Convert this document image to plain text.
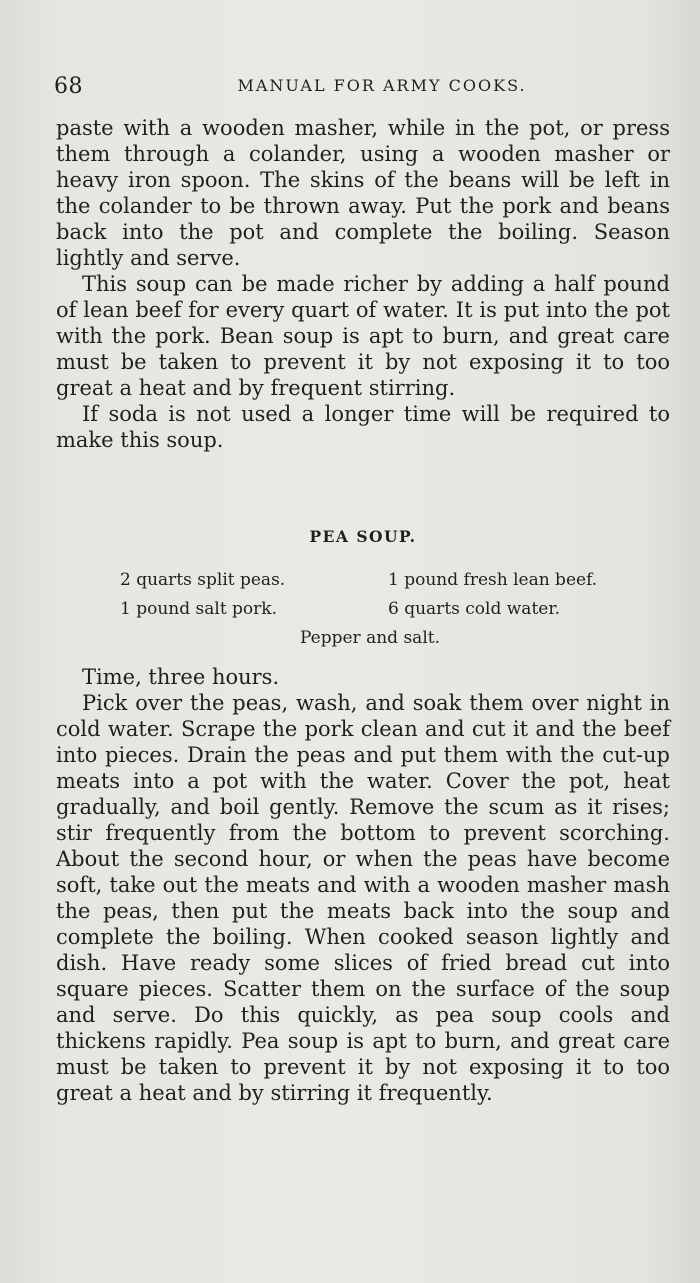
68	MANUAL FOR ARMY COOKS.

paste with a wooden masher, while in the pot, or press them through a colander, using a wooden masher or heavy iron spoon. The skins of the beans will be left in the colander to be thrown away. Put the pork and beans back into the pot and complete the boiling. Season lightly and serve.

This soup can be made richer by adding a half pound of lean beef for every quart of water. It is put into the pot with the pork. Bean soup is apt to burn, and great care must be taken to prevent it by not exposing it to too great a heat and by frequent stirring.

If soda is not used a longer time will be required to make this soup.

PEA SOUP.
2 quarts split peas.	1 pound fresh lean beef.
1 pound salt pork.	6 quarts cold water.
Pepper and salt.

Time, three hours.

Pick over the peas, wash, and soak them over night in cold water. Scrape the pork clean and cut it and the beef into pieces. Drain the peas and put them with the cut-up meats into a pot with the water. Cover the pot, heat gradually, and boil gently. Remove the scum as it rises; stir frequently from the bottom to prevent scorching. About the second hour, or when the peas have become soft, take out the meats and with a wooden masher mash the peas, then put the meats back into the soup and complete the boiling. When cooked season lightly and dish. Have ready some slices of fried bread cut into square pieces. Scatter them on the surface of the soup and serve. Do this quickly, as pea soup cools and thickens rapidly. Pea soup is apt to burn, and great care must be taken to prevent it by not exposing it to too great a heat and by stirring it frequently.
